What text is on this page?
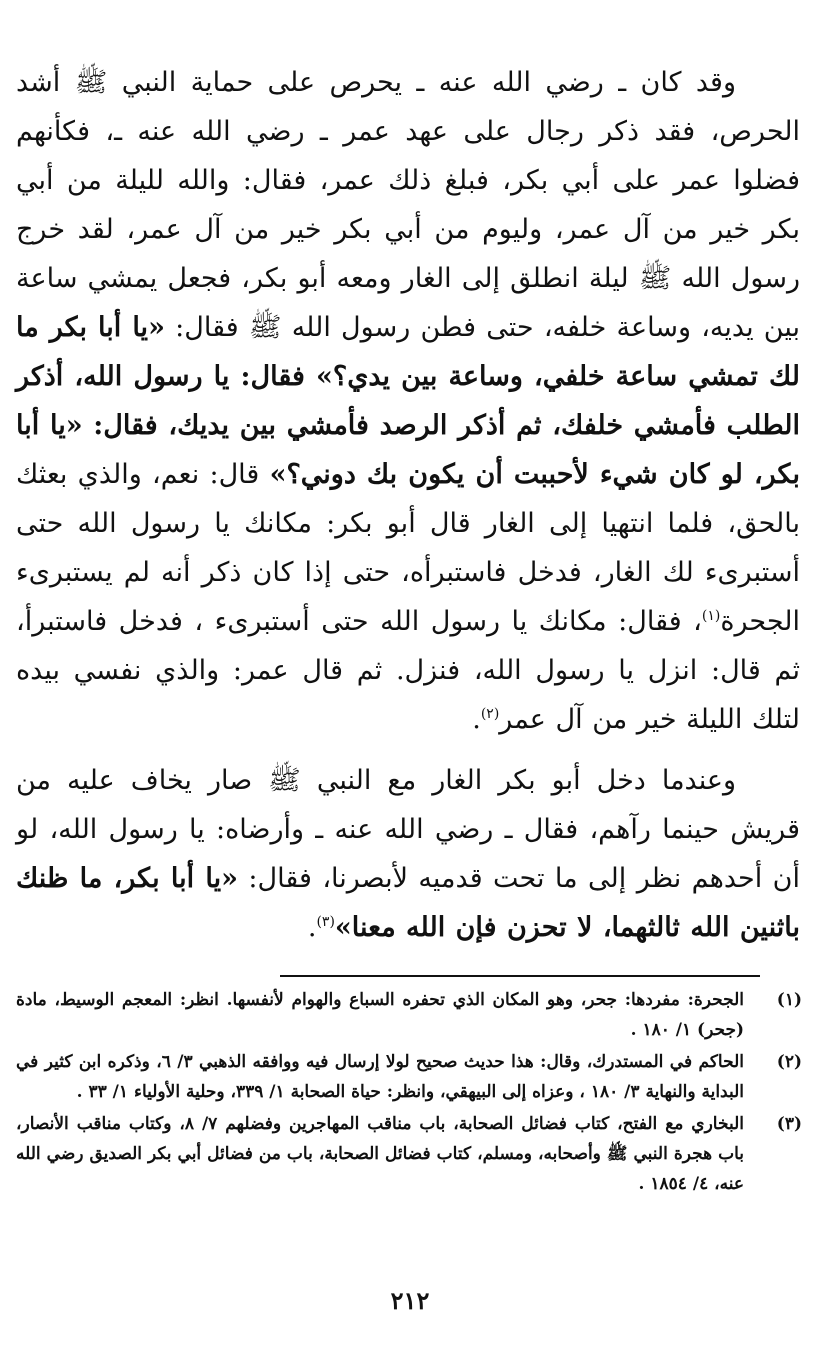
وقد كان ـ رضي الله عنه ـ يحرص على حماية النبي ﷺ أشد الحرص، فقد ذكر رجال على عهد عمر ـ رضي الله عنه ـ، فكأنهم فضلوا عمر على أبي بكر، فبلغ ذلك عمر، فقال: والله لليلة من أبي بكر خير من آل عمر، وليوم من أبي بكر خير من آل عمر، لقد خرج رسول الله ﷺ ليلة انطلق إلى الغار ومعه أبو بكر، فجعل يمشي ساعة بين يديه، وساعة خلفه، حتى فطن رسول الله ﷺ فقال: «يا أبا بكر ما لك تمشي ساعة خلفي، وساعة بين يدي؟» فقال: يا رسول الله، أذكر الطلب فأمشي خلفك، ثم أذكر الرصد فأمشي بين يديك، فقال: «يا أبا بكر، لو كان شيء لأحببت أن يكون بك دوني؟» قال: نعم، والذي بعثك بالحق، فلما انتهيا إلى الغار قال أبو بكر: مكانك يا رسول الله حتى أستبرىء لك الغار، فدخل فاستبرأه، حتى إذا كان ذكر أنه لم يستبرىء الجحرة$^{(١)}$، فقال: مكانك يا رسول الله حتى أستبرىء ، فدخل فاستبرأ، ثم قال: انزل يا رسول الله، فنزل. ثم قال عمر: والذي نفسي بيده لتلك الليلة خير من آل عمر$^{(٢)}$.

وعندما دخل أبو بكر الغار مع النبي ﷺ صار يخاف عليه من قريش حينما رآهم، فقال ـ رضي الله عنه ـ وأرضاه: يا رسول الله، لو أن أحدهم نظر إلى ما تحت قدميه لأبصرنا، فقال: «يا أبا بكر، ما ظنك باثنين الله ثالثهما، لا تحزن فإن الله معنا»$^{(٣)}$.

(١)
الجحرة: مفردها: جحر، وهو المكان الذي تحفره السباع والهوام لأنفسها. انظر: المعجم الوسيط، مادة (جحر) ١/ ١٨٠ .
(٢)
الحاكم في المستدرك، وقال: هذا حديث صحيح لولا إرسال فيه ووافقه الذهبي ٣/ ٦، وذكره ابن كثير في البداية والنهاية ٣/ ١٨٠ ، وعزاه إلى البيهقي، وانظر: حياة الصحابة ١/ ٣٣٩، وحلية الأولياء ١/ ٣٣ .
(٣)
البخاري مع الفتح، كتاب فضائل الصحابة، باب مناقب المهاجرين وفضلهم ٧/ ٨، وكتاب مناقب الأنصار، باب هجرة النبي ﷺ وأصحابه، ومسلم، كتاب فضائل الصحابة، باب من فضائل أبي بكر الصديق رضي الله عنه، ٤/ ١٨٥٤ .
٢١٢
